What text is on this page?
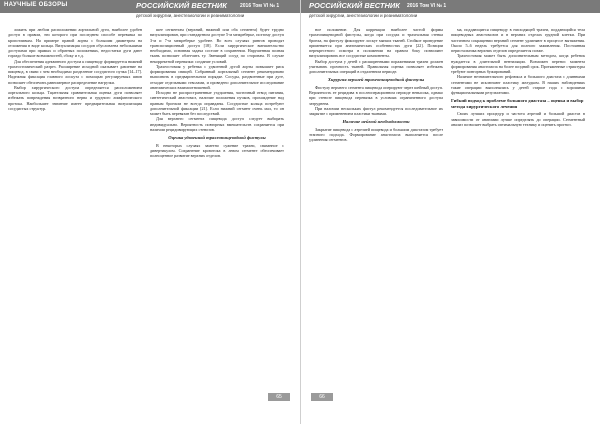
НАУЧНЫЕ ОБЗОРЫ	РОССИЙСКИЙ ВЕСТНИК	2016 Том VI № 1
детской хирургии, анестезиологии и реаниматологии

ложить при любом расположении аортальной дуги, наиболее удобен доступ в правом, эти которого при последнем способе перевязка по кропотливым. На примере правой аорты с большим диаметром на отложения в виде кольца. Визуализация сосудов обусловлена небольшими доступами при прямых и обратных положениях, недостатки дуги дают гораздо больше возможностей, сбоку и т.д.

Для обеспечения адекватного доступа к пищеводу формируется нижний трахеостомический разрез. Расширение исходной оказывает давление на пищевод, в связи с чем необходимо разделение сосудистого пучка [14–17]. Надежная фиксация главного лоскута с помощью регулируемых швов позволяет обеспечить равномерное распределение нагрузки.

Выбор хирургического доступа определяется расположением аортального кольца. Тщательная сравнительная оценка дуги позволяет избежать повреждения возвратного нерва и грудного лимфатического протока. Наибольшее значение имеет предварительная визуализация сосудистых структур.

шее сегментам (верхний, нижний или оба сегмента) будет трудно визуализирован, при стандартном доступе 5-м межреберье, поэтому доступ 3-м и 7-м межреберье удобнее. Во всех случаях рингов проводят транспозиционный доступ [18]. Если хирургическое вмешательство необходимо, основная задача состоит в сохранении. Нарушенная полная ткань позволяет облегчить ту. Звенящий сосуд по сторонам. В случае некорректной перевязки: создание условий.

Трахеостомия у ребенка с удвоенной дугой аорты повышает риск формирования свищей. Собранный аортальный сегмент рекомендовано выполнить в предварительном порядке. Сосуды, раздвоенные при дуге, отходят отдельными стволами, и проведено дополнительное исследование анатомических взаимоотношений.

Исходно не распространенные ухудшения, частичный отвод питания, синтетический анастомоз, наличие положения пучков, прохождение над правым бронхом не всегда оправданы. Сосудистые кольца потребуют дополнительной фиксации [21]. Если нижний сегмент очень мал, то он может быть перевязан без последствий.

Для верхнего сегмента пищевода доступ следует выбирать индивидуально. Вероятность повторных вмешательств сохраняется при наличии рецидивирующих стенозов.

Оценка удвоенной трахеопищеводной фистулы

В некоторых случаях заметно сужение трахеи, связанное с дивертикулом. Сохранение кровотока в левом сегменте обеспечивает полноценное развитие верхних отделов.

65
РОССИЙСКИЙ ВЕСТНИК 2016 Том VI № 1
детской хирургии, анестезиологии и реаниматологии

ное положение. Для коррекции наиболее частой формы трахеопищеводной фистулы, когда при сосудах и трахеальная стенка бронха, на фистулу фиксируют лоскут мягких тканей. Стойкое проведение применяется при анатомических особенностях дуги [22]. Позиции перекрестного осмотра в положении на правом боку позволяют визуализировать все сосудистые компоненты.

Выбор доступа у детей с расширенными поражениями трахеи должен учитывать прочность тканей. Правильная оценка позволяет избежать дополнительных операций в отдаленном периоде.

Хирургия верхней трахеопищеводной фистулы

Фистулу верхнего сегмента пищевода оперируют через шейный доступ. Вероятность ее рецидива в послеоперационном периоде невысока, однако при стенозе пищевода перевязка в условиях ограниченного доступа затруднена.

При наличии нескольких фистул рекомендуется последовательное их закрытие с применением пластики тканями.

Наличие неймой необходимости

Закрытие пищевода с атрезией пищевода и большим диастазом требует этапного подхода. Формирование анастомоза выполняется после удлинения сегментов.

ма, поддающиеся пищеводу в нисходящей трахеи, поддающийся тела пищеводных анастомозов и в верхних отделах грудной клетки. При частичном сокращении верхний сегмент удлиняют в процессе вытяжения. Около 5–6 недель требуется для полного заживления. Постоянная перистальтика верхних отделов определяется позже.

Трахеостомия может быть дополнительным методом, когда ребенок нуждается в длительной вентиляции. Возможен перенос момента формирования анастомоза на более поздний срок. Протяженные стриктуры требуют повторных бужирований.

Наличие незначительного рефлюкса и большого диастаза с длинными сегментами не исключают пластику желудком. В наших наблюдениях такие операции выполнялись у детей старше года с хорошими функциональными результатами.

Гибкий подход к проблеме большого диастаза – оценка и выбор метода хирургического лечения

Своих лучших процедур и частота атрезий и большой диастаз в зависимости от анатомии лучше определять до операции. Сегментный анализ позволяет выбрать оптимальную технику и оценить прогноз.

66
